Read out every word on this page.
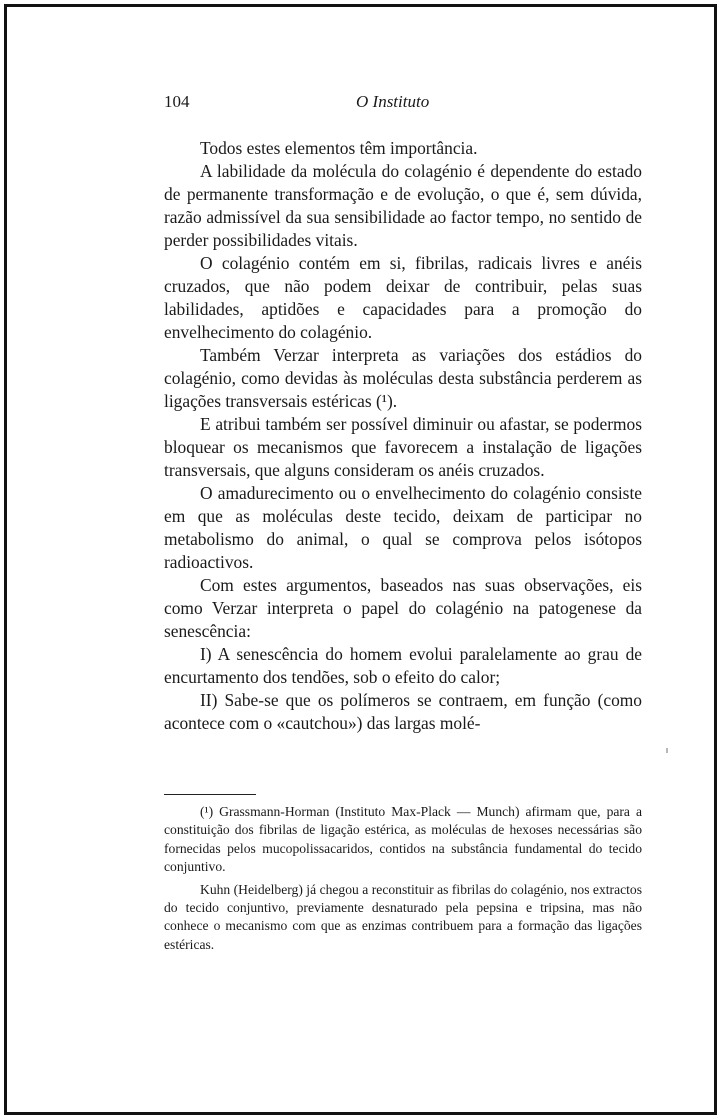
104	O Instituto

Todos estes elementos têm importância.

A labilidade da molécula do colagénio é dependente do estado de permanente transformação e de evolução, o que é, sem dúvida, razão admissível da sua sensibilidade ao factor tempo, no sentido de perder possibilidades vitais.

O colagénio contém em si, fibrilas, radicais livres e anéis cruzados, que não podem deixar de contribuir, pelas suas labilidades, aptidões e capacidades para a promoção do envelhecimento do colagénio.

Também Verzar interpreta as variações dos estádios do colagénio, como devidas às moléculas desta substância perderem as ligações transversais estéricas (¹).

E atribui também ser possível diminuir ou afastar, se podermos bloquear os mecanismos que favorecem a instalação de ligações transversais, que alguns consideram os anéis cruzados.

O amadurecimento ou o envelhecimento do colagénio consiste em que as moléculas deste tecido, deixam de participar no metabolismo do animal, o qual se comprova pelos isótopos radioactivos.

Com estes argumentos, baseados nas suas observações, eis como Verzar interpreta o papel do colagénio na patogenese da senescência:

I) A senescência do homem evolui paralelamente ao grau de encurtamento dos tendões, sob o efeito do calor;

II) Sabe-se que os polímeros se contraem, em função (como acontece com o «cautchou») das largas molé-

(¹) Grassmann-Horman (Instituto Max-Plack — Munch) afirmam que, para a constituição dos fibrilas de ligação estérica, as moléculas de hexoses necessárias são fornecidas pelos mucopolissacaridos, contidos na substância fundamental do tecido conjuntivo.

Kuhn (Heidelberg) já chegou a reconstituir as fibrilas do colagénio, nos extractos do tecido conjuntivo, previamente desnaturado pela pepsina e tripsina, mas não conhece o mecanismo com que as enzimas contribuem para a formação das ligações estéricas.
